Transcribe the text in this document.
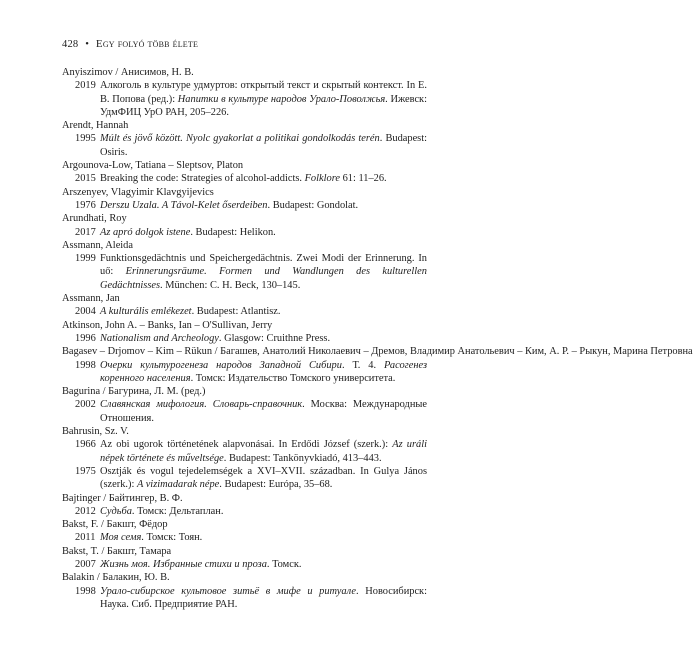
428 • Egy folyó több élete
Anyiszimov / Анисимов, Н. В.
2019 Алкоголь в культуре удмуртов: открытый текст и скрытый контекст. In Е. В. Попова (ред.): Напитки в культуре народов Урало-Поволжья. Ижевск: УдмФИЦ УрО РАН, 205–226.
Arendt, Hannah
1995 Múlt és jövő között. Nyolc gyakorlat a politikai gondolkodás terén. Budapest: Osiris.
Argounova-Low, Tatiana – Sleptsov, Platon
2015 Breaking the code: Strategies of alcohol-addicts. Folklore 61: 11–26.
Arszenyev, Vlagyimir Klavgyijevics
1976 Derszu Uzala. A Távol-Kelet őserdeiben. Budapest: Gondolat.
Arundhati, Roy
2017 Az apró dolgok istene. Budapest: Helikon.
Assmann, Aleida
1999 Funktionsgedächtnis und Speichergedächtnis. Zwei Modi der Erinnerung. In uő: Erinnerungsräume. Formen und Wandlungen des kulturellen Gedächtnisses. München: C. H. Beck, 130–145.
Assmann, Jan
2004 A kulturális emlékezet. Budapest: Atlantisz.
Atkinson, John A. – Banks, Ian – O'Sullivan, Jerry
1996 Nationalism and Archeology. Glasgow: Cruithne Press.
Bagasev – Drjomov – Kim – Rükun / Багашев, Анатолий Николаевич – Дремов, Владимир Анатольевич – Ким, А. Р. – Рыкун, Марина Петровна
1998 Очерки культурогенеза народов Западной Сибири. Т. 4. Расогенез коренного населения. Томск: Издательство Томского университета.
Bagurina / Багурина, Л. М. (ред.)
2002 Славянская мифология. Словарь-справочник. Москва: Международные Отношения.
Bahrusin, Sz. V.
1966 Az obi ugorok történetének alapvonásai. In Erdődi József (szerk.): Az uráli népek története és műveltsége. Budapest: Tankönyvkiadó, 413–443.
1975 Osztják és vogul tejedelemségek a XVI–XVII. században. In Gulya János (szerk.): A vizimadarak népe. Budapest: Európa, 35–68.
Bajtinger / Байтингер, В. Ф.
2012 Судьба. Томск: Дельтаплан.
Bakst, F. / Бакшт, Фёдор
2011 Моя семя. Томск: Тоян.
Bakst, T. / Бакшт, Тамара
2007 Жизнь моя. Избранные стихи и проза. Томск.
Balakin / Балакин, Ю. В.
1998 Урало-сибирское культовое зитьё в мифе и ритуале. Новосибирск: Наука. Сиб. Предприятие РАН.
